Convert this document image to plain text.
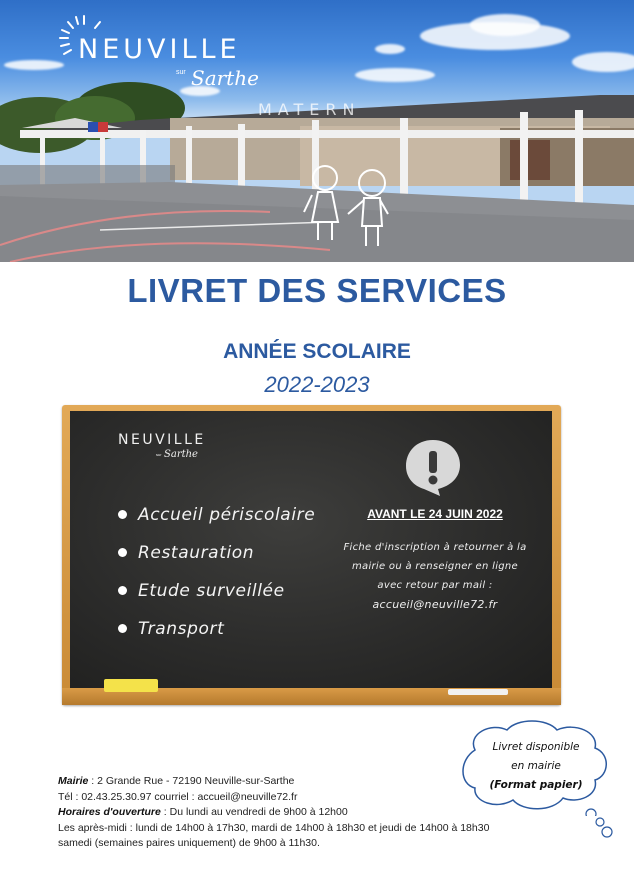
MATERN
NEUVILLE
sur Sarthe
LIVRET DES SERVICES
ANNÉE SCOLAIRE
2022-2023
NEUVILLE
sur Sarthe
Accueil périscolaire
Restauration
Etude surveillée
Transport
AVANT LE 24 JUIN 2022
Fiche d'inscription à retourner à la
mairie ou à renseigner en ligne
avec retour par mail :
accueil@neuville72.fr
Livret disponible
en mairie
(Format papier)
Mairie : 2 Grande Rue - 72190 Neuville-sur-Sarthe
Tél : 02.43.25.30.97 courriel : accueil@neuville72.fr
Horaires d'ouverture : Du lundi au vendredi de 9h00 à 12h00
Les après-midi : lundi de 14h00 à 17h30, mardi de 14h00 à 18h30 et jeudi de 14h00 à 18h30
samedi (semaines paires uniquement) de 9h00 à 11h30.
